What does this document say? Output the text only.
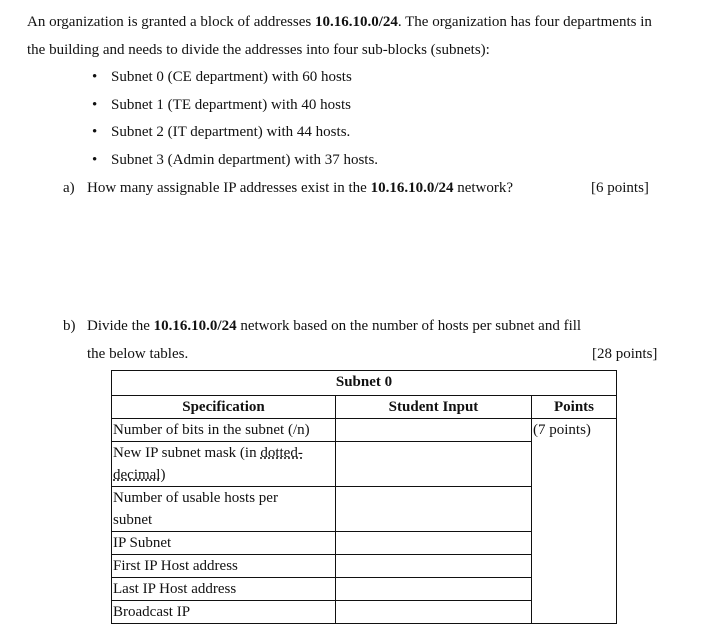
An organization is granted a block of addresses 10.16.10.0/24. The organization has four departments in
the building and needs to divide the addresses into four sub-blocks (subnets):
• Subnet 0 (CE department) with 60 hosts
• Subnet 1 (TE department) with 40 hosts
• Subnet 2 (IT department) with 44 hosts.
• Subnet 3 (Admin department) with 37 hosts.
a) How many assignable IP addresses exist in the 10.16.10.0/24 network?	[6 points]
b) Divide the 10.16.10.0/24 network based on the number of hosts per subnet and fill
the below tables.	[28 points]
Subnet 0		
Specification	Student Input	Points
Number of bits in the subnet (/n)		(7 points)
New IP subnet mask (in dotted-
decimal)		
Number of usable hosts per
subnet		
IP Subnet		
First IP Host address		
Last IP Host address		
Broadcast IP		
